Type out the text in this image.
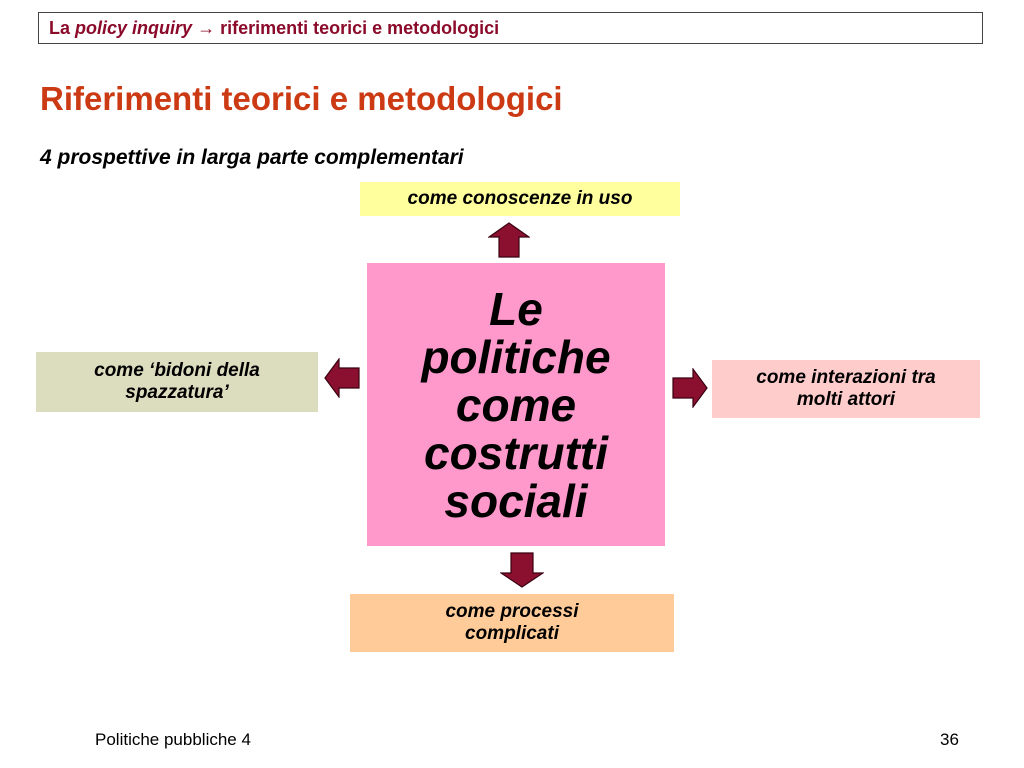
La policy inquiry → riferimenti teorici e metodologici
Riferimenti teorici e metodologici
4 prospettive in larga parte complementari
come conoscenze in uso
come ‘bidoni della
spazzatura’
Le
politiche
come
costrutti
sociali
come interazioni tra
molti attori
come processi
complicati
Politiche pubbliche 4	36
